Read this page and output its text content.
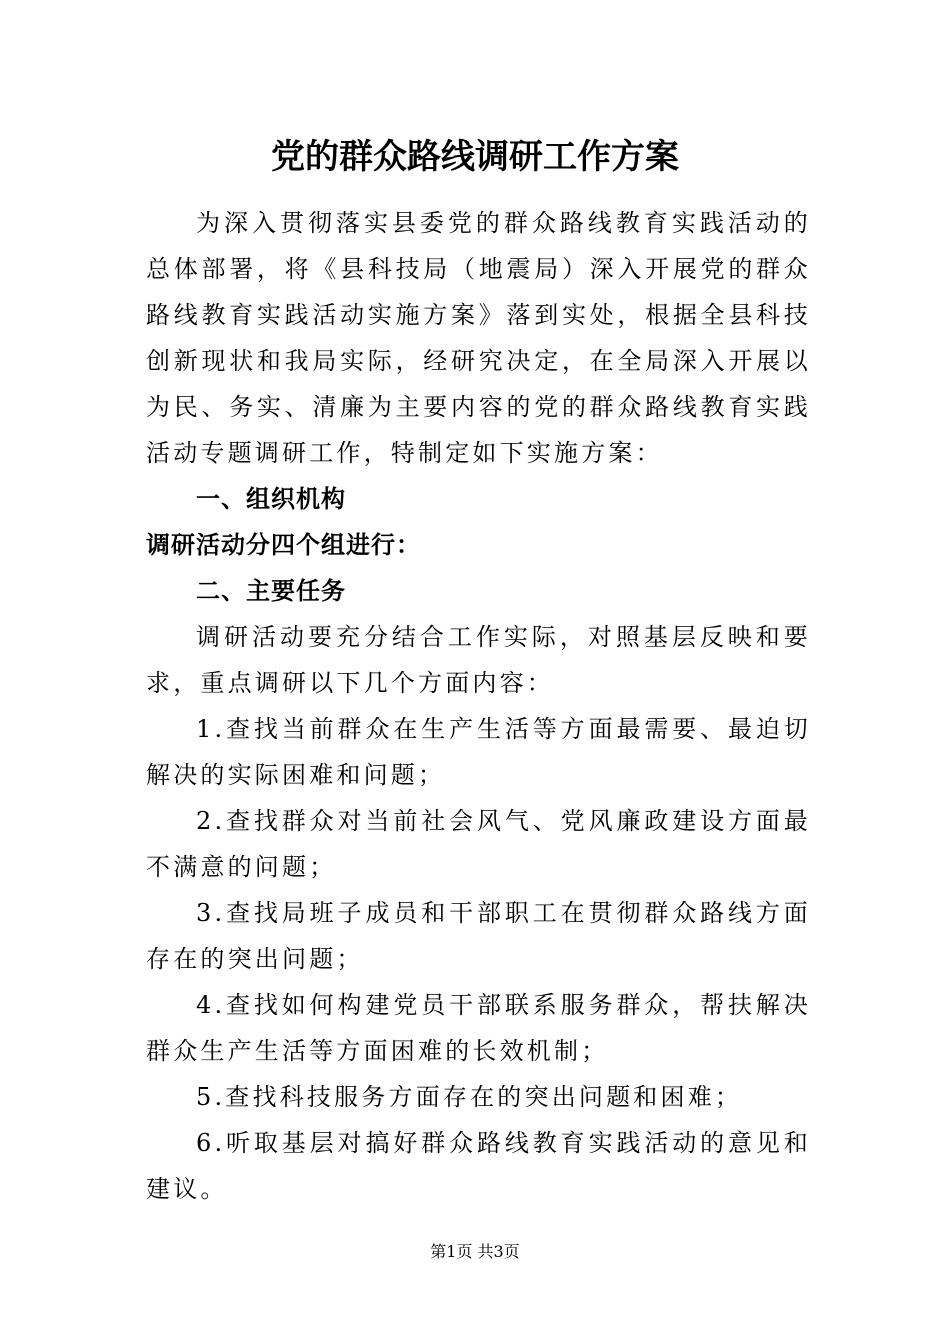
党的群众路线调研工作方案

为深入贯彻落实县委党的群众路线教育实践活动的总体部署，将《县科技局（地震局）深入开展党的群众路线教育实践活动实施方案》落到实处，根据全县科技创新现状和我局实际，经研究决定，在全局深入开展以为民、务实、清廉为主要内容的党的群众路线教育实践活动专题调研工作，特制定如下实施方案：

一、组织机构

调研活动分四个组进行：

二、主要任务

调研活动要充分结合工作实际，对照基层反映和要求，重点调研以下几个方面内容：

1.查找当前群众在生产生活等方面最需要、最迫切解决的实际困难和问题；

2.查找群众对当前社会风气、党风廉政建设方面最不满意的问题；

3.查找局班子成员和干部职工在贯彻群众路线方面存在的突出问题；

4.查找如何构建党员干部联系服务群众，帮扶解决群众生产生活等方面困难的长效机制；

5.查找科技服务方面存在的突出问题和困难；

6.听取基层对搞好群众路线教育实践活动的意见和建议。

第1页 共3页
